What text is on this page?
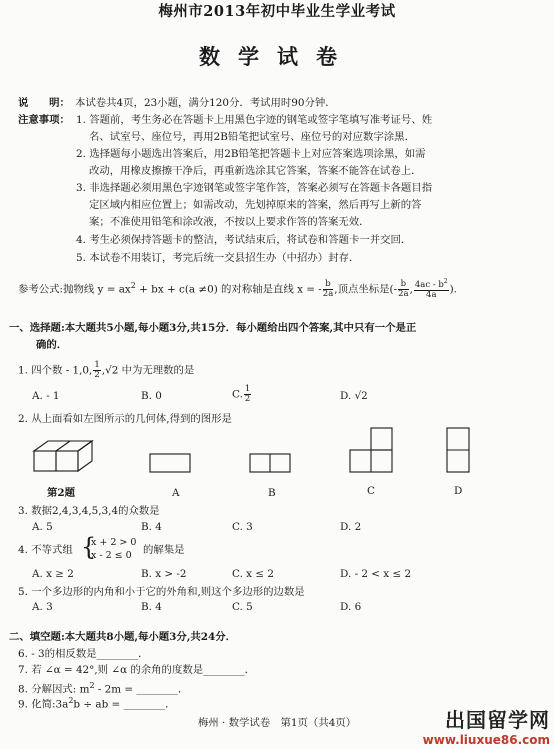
梅州市2013年初中毕业生学业考试
数学试卷
说　　明： 本试卷共4页，23小题，满分120分．考试用时90分钟．
注意事项： 1. 答题前，考生务必在答题卡上用黑色字迹的钢笔或签字笔填写准考证号、姓
名、试室号、座位号，再用2B铅笔把试室号、座位号的对应数字涂黑．
2. 选择题每小题选出答案后，用2B铅笔把答题卡上对应答案选项涂黑，如需
改动，用橡皮擦擦干净后，再重新选涂其它答案，答案不能答在试卷上．
3. 非选择题必须用黑色字迹钢笔或签字笔作答，答案必须写在答题卡各题目指
定区域内相应位置上；如需改动，先划掉原来的答案，然后再写上新的答
案；不准使用铅笔和涂改液，不按以上要求作答的答案无效．
4. 考生必须保持答题卡的整洁，考试结束后，将试卷和答题卡一并交回．
5. 本试卷不用装订，考完后统一交县招生办（中招办）封存．
参考公式:抛物线 $y = ax^2$ + bx + c(a ≠0) 的对称轴是直线 x = - $\frac{b}{2a}$ ,顶点坐标是(- $\frac{b}{2a}$ , $\frac{4ac - b^2}{4a}$ ).
一、选择题:本大题共5小题,每小题3分,共15分．每小题给出四个答案,其中只有一个是正
确的．
1. 四个数 - 1,0, $\frac{1}{2} ,√2$ 中为无理数的是
A. - 1	B. 0	C. $\frac{1}{2}$	D. √2
2. 从上面看如左图所示的几何体,得到的图形是
第2题	A	B	C	D
3. 数据2,4,3,4,5,3,4的众数是
A. 5	B. 4	C. 3	D. 2
4. 不等式组 {
x + 2 > 0
x - 2 ≤ 0 的解集是
A. x ≥ 2	B. x > -2	C. x ≤ 2	D. - 2 < x ≤ 2
5. 一个多边形的内角和小于它的外角和,则这个多边形的边数是
A. 3	B. 4	C. 5	D. 6
二、填空题:本大题共8小题,每小题3分,共24分．
6. - 3的相反数是________．
7. 若 ∠α = 42°,则 ∠α 的余角的度数是________．
8. 分解因式: $m^2 - 2m$ = ________．
9. 化简$:3a^2b$ ÷ ab = ________．
梅州 · 数学试卷　第1页（共4页）	出国留学网
www.liuxue86.com
